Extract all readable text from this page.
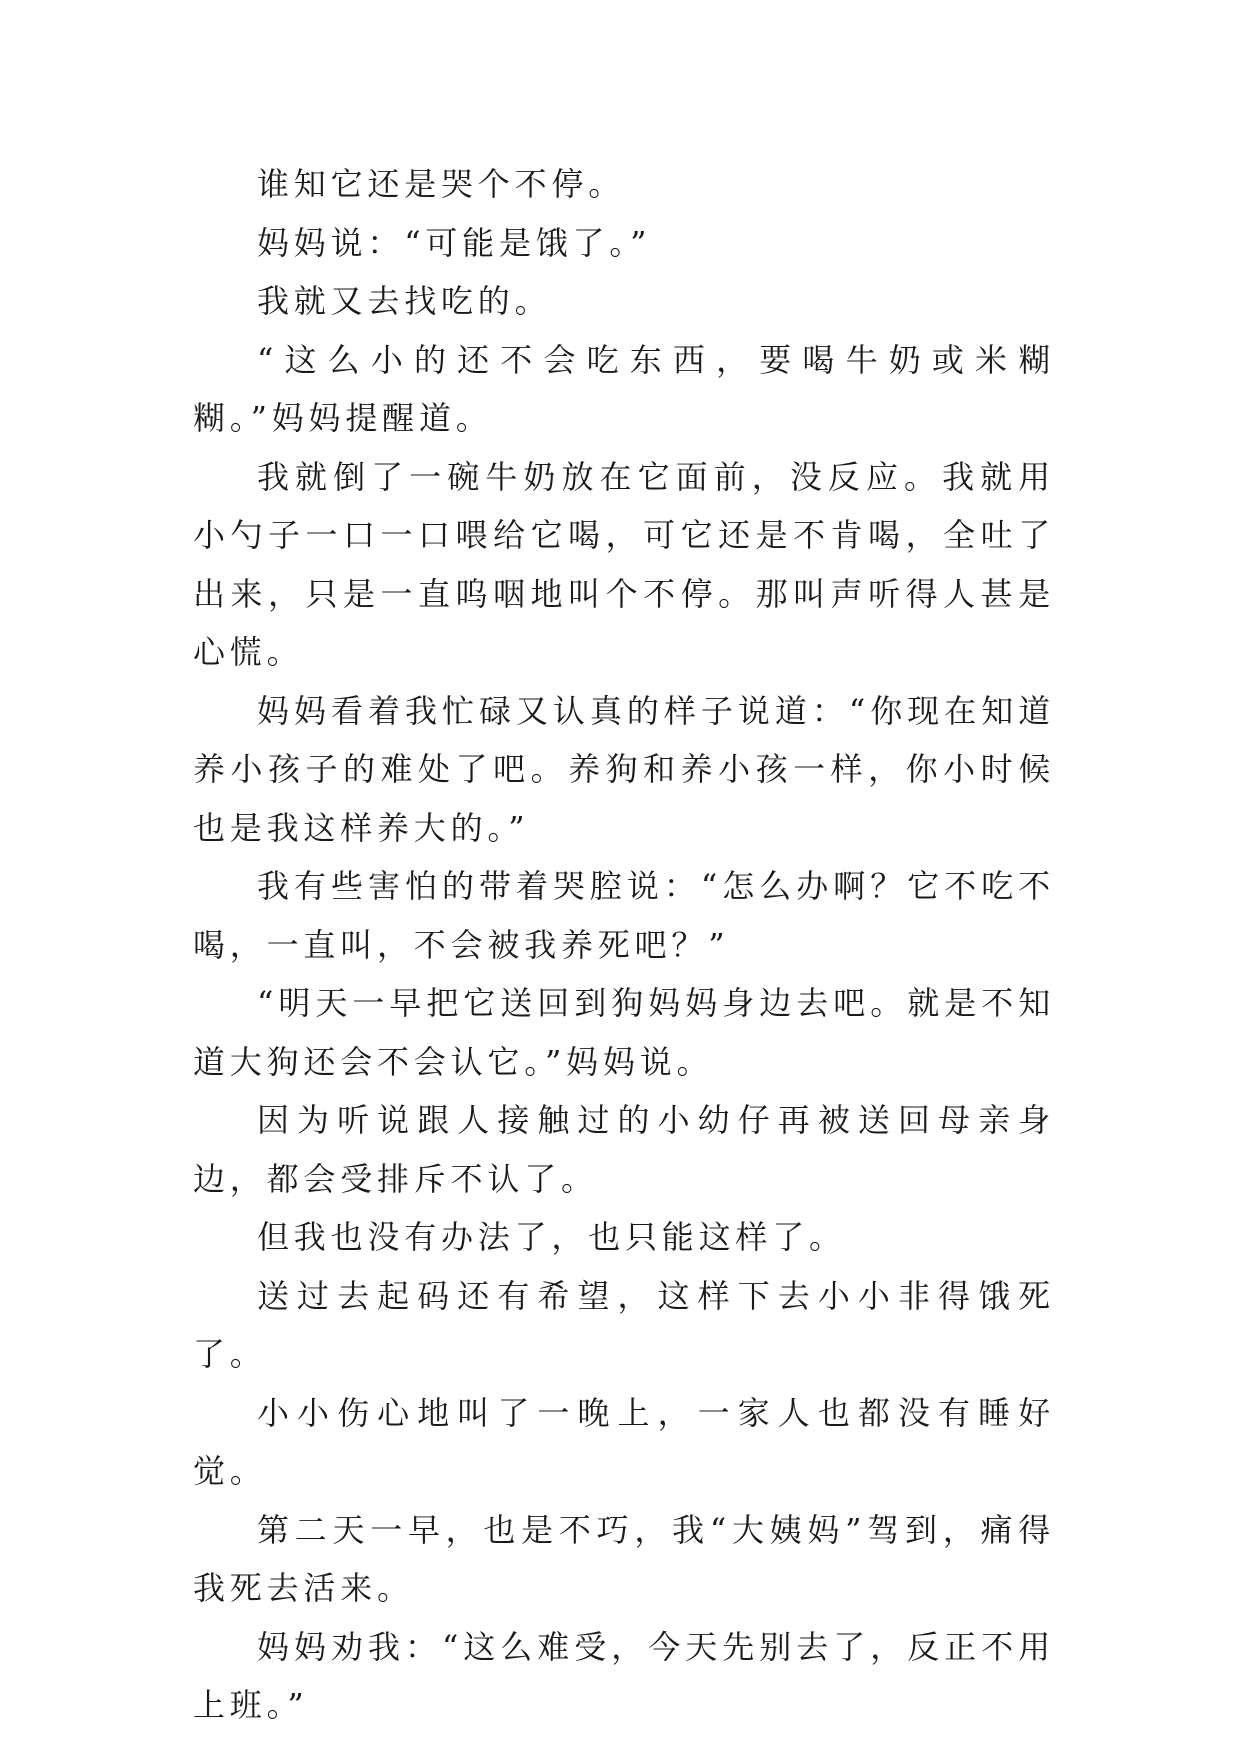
谁知它还是哭个不停。

妈妈说：“可能是饿了。”

我就又去找吃的。

“这么小的还不会吃东西，要喝牛奶或米糊糊。”妈妈提醒道。

我就倒了一碗牛奶放在它面前，没反应。我就用小勺子一口一口喂给它喝，可它还是不肯喝，全吐了出来，只是一直呜咽地叫个不停。那叫声听得人甚是心慌。

妈妈看着我忙碌又认真的样子说道：“你现在知道养小孩子的难处了吧。养狗和养小孩一样，你小时候也是我这样养大的。”

我有些害怕的带着哭腔说：“怎么办啊？它不吃不喝，一直叫，不会被我养死吧？”

“明天一早把它送回到狗妈妈身边去吧。就是不知道大狗还会不会认它。”妈妈说。

因为听说跟人接触过的小幼仔再被送回母亲身边，都会受排斥不认了。

但我也没有办法了，也只能这样了。

送过去起码还有希望，这样下去小小非得饿死了。

小小伤心地叫了一晚上，一家人也都没有睡好觉。

第二天一早，也是不巧，我“大姨妈”驾到，痛得我死去活来。

妈妈劝我：“这么难受，今天先别去了，反正不用上班。”
